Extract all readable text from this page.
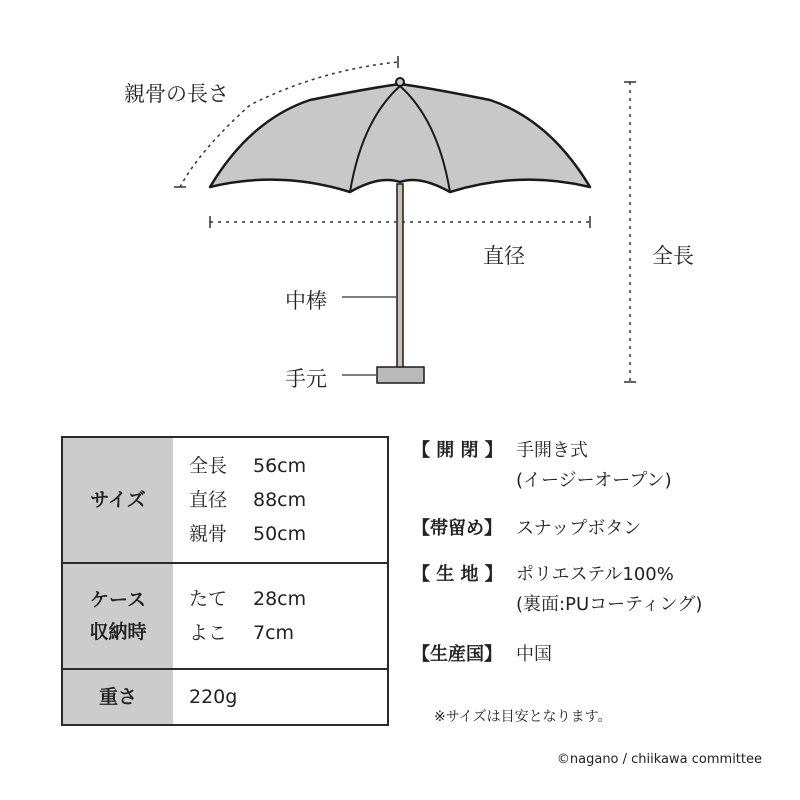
親骨の長さ
直径	全長
中棒
手元
サイズ
全長	56cm
直径	88cm
親骨	50cm
ケース
収納時
たて	28cm
よこ	7cm
重さ	220g
【 開 閉 】 手開き式
(イージーオープン)
【帯留め】 スナップボタン
【 生 地 】 ポリエステル100%
(裏面:PUコーティング)
【生産国】 中国
※サイズは目安となります。
©nagano / chiikawa committee
